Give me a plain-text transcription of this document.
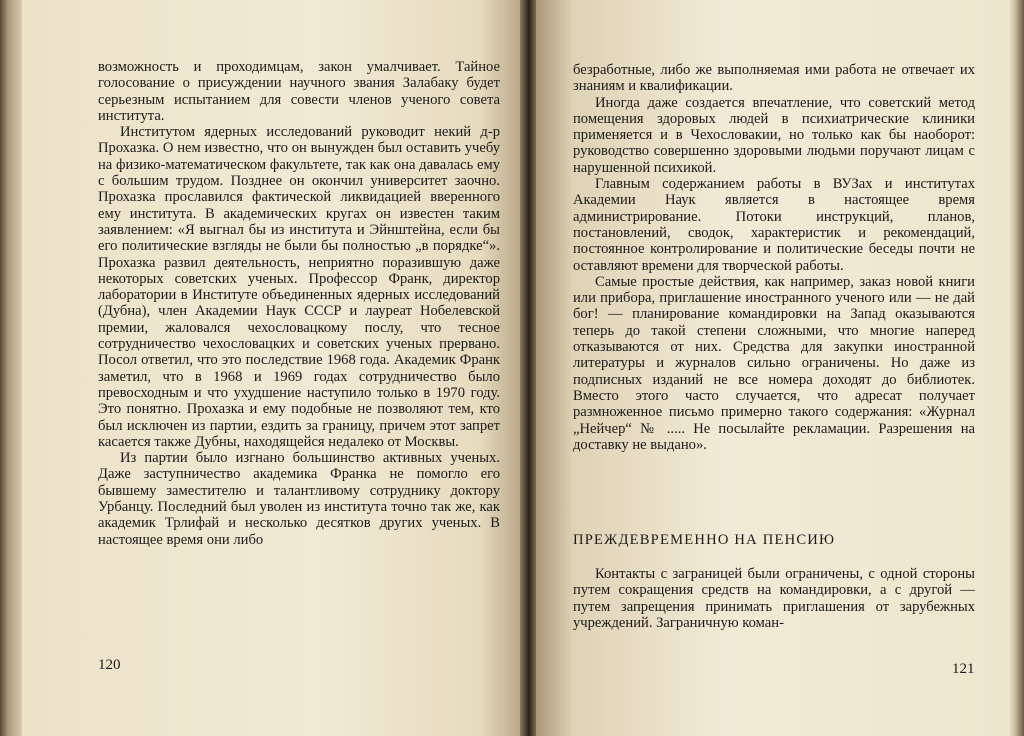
возможность и проходимцам, закон умалчивает. Тайное голосование о присуждении научного звания Залабаку будет серьезным испытанием для совести членов ученого совета института.

Институтом ядерных исследований руководит некий д-р Прохазка. О нем известно, что он вынужден был оставить учебу на физико-математическом факультете, так как она давалась ему с большим трудом. Позднее он окончил университет заочно. Прохазка прославился фактической ликвидацией вверенного ему института. В академических кругах он известен таким заявлением: «Я выгнал бы из института и Эйнштейна, если бы его политические взгляды не были бы полностью „в порядке“». Прохазка развил деятельность, неприятно поразившую даже некоторых советских ученых. Профессор Франк, директор лаборатории в Институте объединенных ядерных исследований (Дубна), член Академии Наук СССР и лауреат Нобелевской премии, жаловался чехословацкому послу, что тесное сотрудничество чехословацких и советских ученых прервано. Посол ответил, что это последствие 1968 года. Академик Франк заметил, что в 1968 и 1969 годах сотрудничество было превосходным и что ухудшение наступило только в 1970 году. Это понятно. Прохазка и ему подобные не позволяют тем, кто был исключен из партии, ездить за границу, причем этот запрет касается также Дубны, находящейся недалеко от Москвы.

Из партии было изгнано большинство активных ученых. Даже заступничество академика Франка не помогло его бывшему заместителю и талантливому сотруднику доктору Урбанцу. Последний был уволен из института точно так же, как академик Трлифай и несколько десятков других ученых. В настоящее время они либо

120

безработные, либо же выполняемая ими работа не отвечает их знаниям и квалификации.

Иногда даже создается впечатление, что советский метод помещения здоровых людей в психиатрические клиники применяется и в Чехословакии, но только как бы наоборот: руководство совершенно здоровыми людьми поручают лицам с нарушенной психикой.

Главным содержанием работы в ВУЗах и институтах Академии Наук является в настоящее время администрирование. Потоки инструкций, планов, постановлений, сводок, характеристик и рекомендаций, постоянное контролирование и политические беседы почти не оставляют времени для творческой работы.

Самые простые действия, как например, заказ новой книги или прибора, приглашение иностранного ученого или — не дай бог! — планирование командировки на Запад оказываются теперь до такой степени сложными, что многие наперед отказываются от них. Средства для закупки иностранной литературы и журналов сильно ограничены. Но даже из подписных изданий не все номера доходят до библиотек. Вместо этого часто случается, что адресат получает размноженное письмо примерно такого содержания: «Журнал „Нейчер“ № ..... Не посылайте рекламации. Разрешения на доставку не выдано».

ПРЕЖДЕВРЕМЕННО НА ПЕНСИЮ

Контакты с заграницей были ограничены, с одной стороны путем сокращения средств на командировки, а с другой — путем запрещения принимать приглашения от зарубежных учреждений. Заграничную коман-

121
